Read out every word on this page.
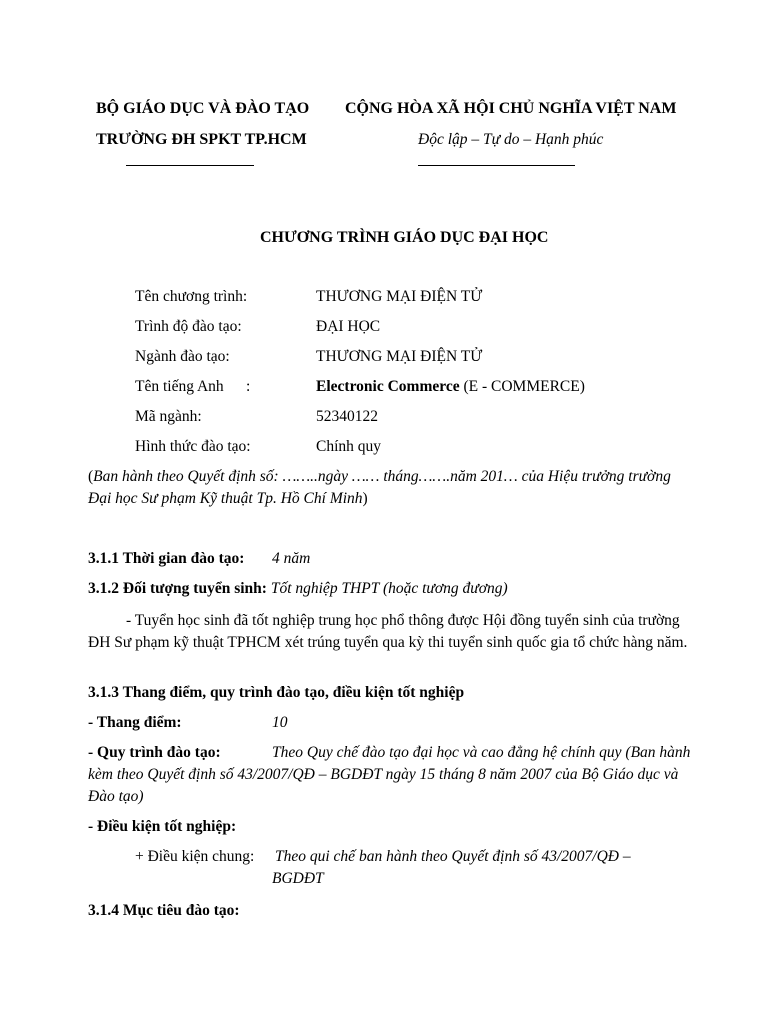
BỘ GIÁO DỤC VÀ ĐÀO TẠO
TRƯỜNG ĐH SPKT TP.HCM
CỘNG HÒA XÃ HỘI CHỦ NGHĨA VIỆT NAM
Độc lập – Tự do – Hạnh phúc
CHƯƠNG TRÌNH GIÁO DỤC ĐẠI HỌC
Tên chương trình:	THƯƠNG MẠI ĐIỆN TỬ
Trình độ đào tạo:	ĐẠI HỌC
Ngành đào tạo:	THƯƠNG MẠI ĐIỆN TỬ
Tên tiếng Anh :	Electronic Commerce (E - COMMERCE)
Mã ngành:	52340122
Hình thức đào tạo:	Chính quy
(Ban hành theo Quyết định số: ……..ngày …… tháng…….năm 201… của Hiệu trưởng trường Đại học Sư phạm Kỹ thuật Tp. Hồ Chí Minh)
3.1.1 Thời gian đào tạo: 4 năm
3.1.2 Đối tượng tuyển sinh: Tốt nghiệp THPT (hoặc tương đương)
- Tuyển học sinh đã tốt nghiệp trung học phổ thông được Hội đồng tuyển sinh của trường ĐH Sư phạm kỹ thuật TPHCM xét trúng tuyển qua kỳ thi tuyển sinh quốc gia tổ chức hàng năm.
3.1.3 Thang điểm, quy trình đào tạo, điều kiện tốt nghiệp
- Thang điểm:	10
- Quy trình đào tạo:	Theo Quy chế đào tạo đại học và cao đẳng hệ chính quy (Ban hành kèm theo Quyết định số 43/2007/QĐ – BGDĐT ngày 15 tháng 8 năm 2007 của Bộ Giáo dục và Đào tạo)
- Điều kiện tốt nghiệp:
+ Điều kiện chung: Theo qui chế ban hành theo Quyết định số 43/2007/QĐ – BGDĐT
3.1.4 Mục tiêu đào tạo:
